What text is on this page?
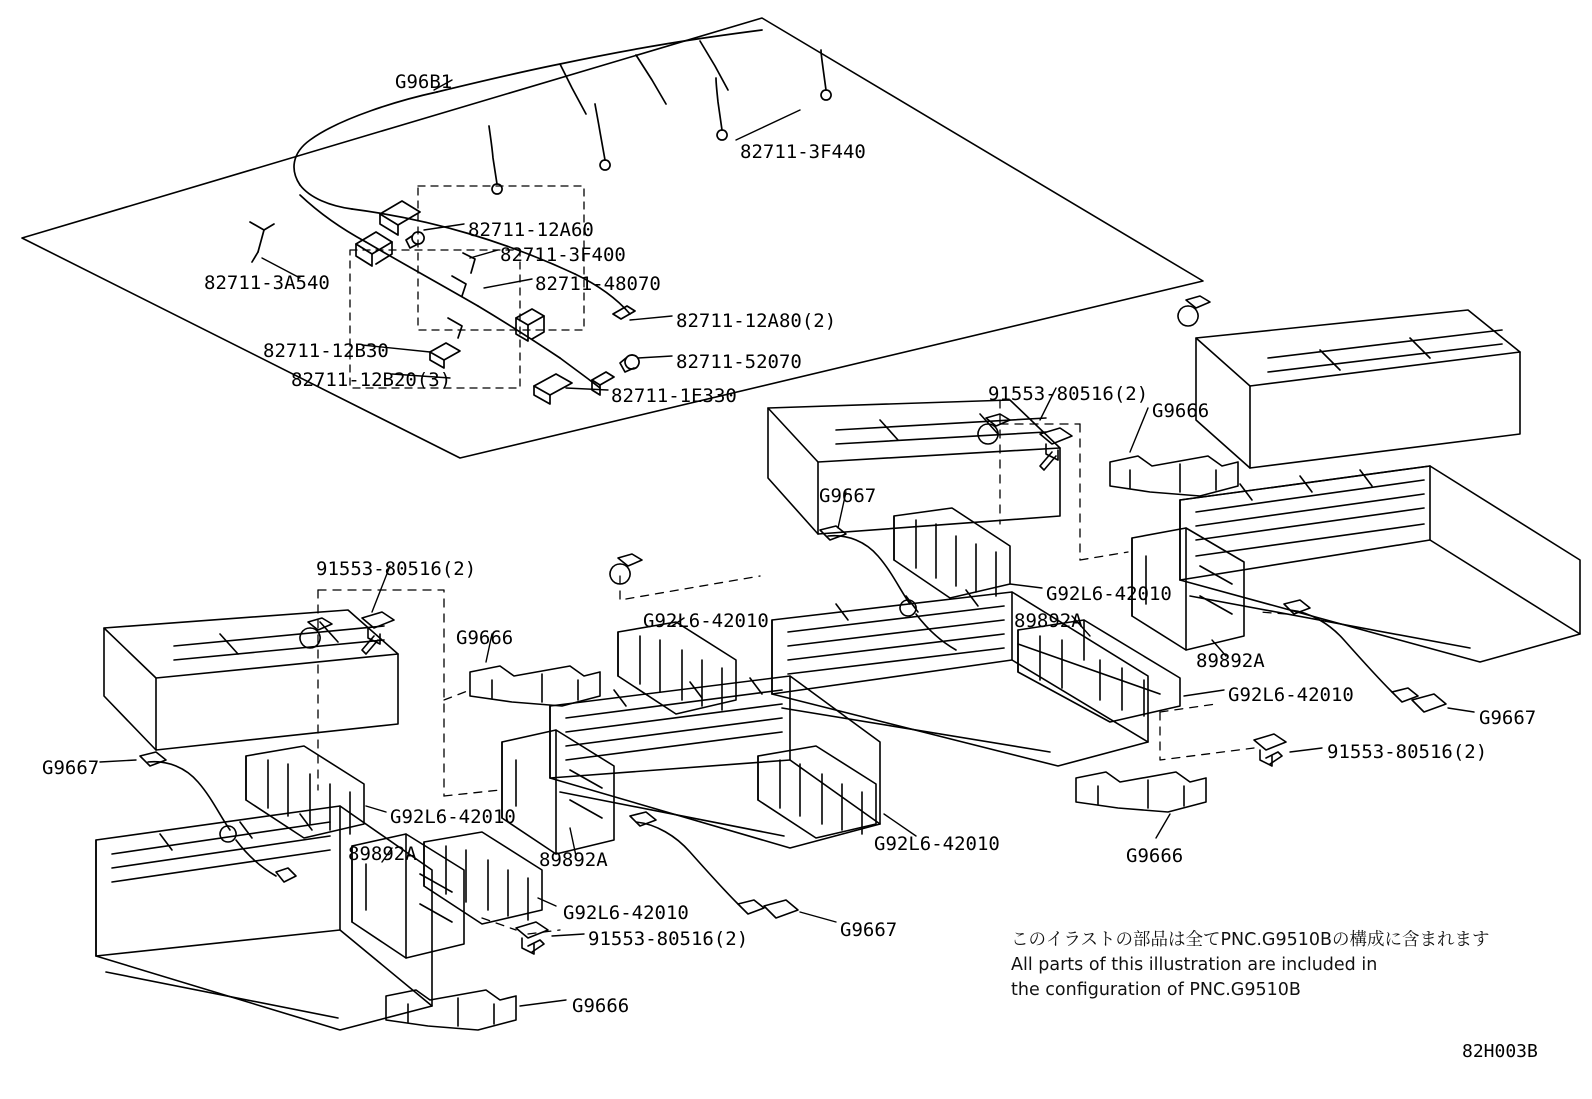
G96B1
82711-3F440
82711-12A60
82711-3F400
82711-3A540	82711-48070
82711-12A80(2)
82711-12B30	82711-52070
82711-12B20(3)
82711-1E330	91553-80516(2)
G9666
G9667
G92L6-42010
89892A
89892A
91553-80516(2)
G9666
G92L6-42010
G92L6-42010
G9667
91553-80516(2)
G9667
G92L6-42010
89892A	89892A
G92L6-42010
G9666
G92L6-42010
91553-80516(2)	G9667
G9666
このイラストの部品は全てPNC.G9510Bの構成に含まれます
All parts of this illustration are included in
the configuration of PNC.G9510B
82H003B
